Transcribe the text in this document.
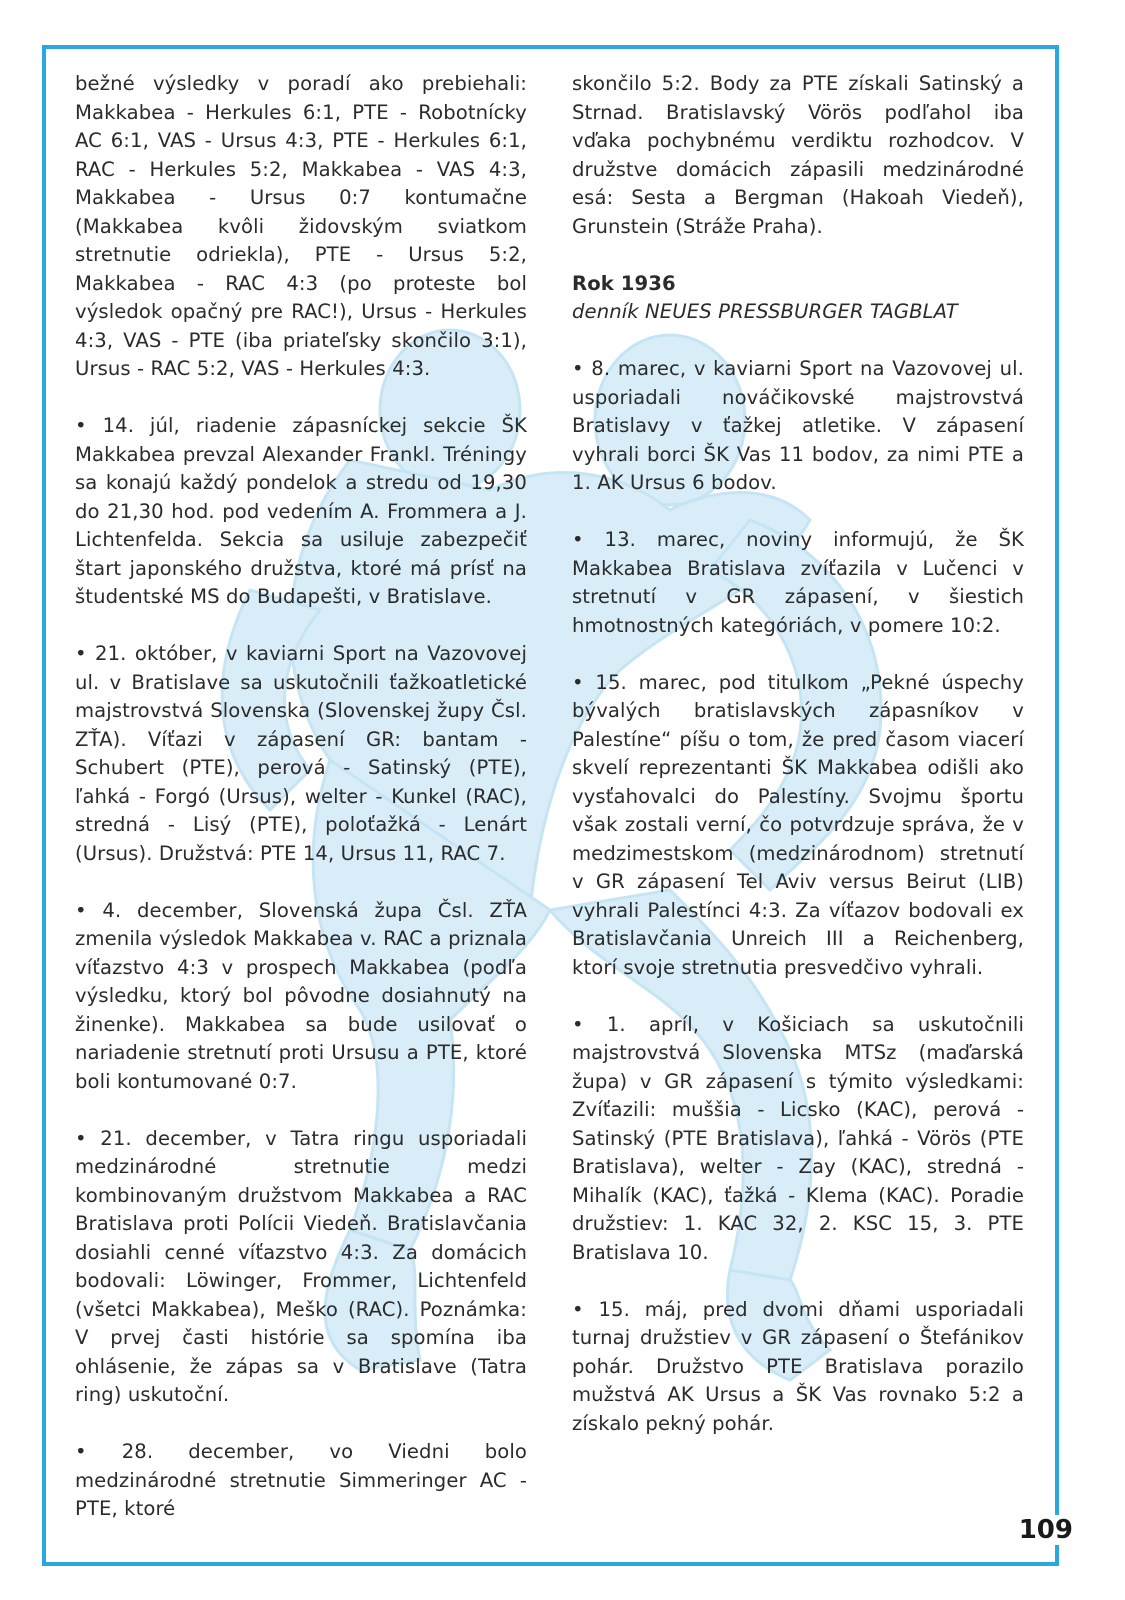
bežné výsledky v poradí ako prebiehali: Makkabea - Herkules 6:1, PTE - Robotnícky AC 6:1, VAS - Ursus 4:3, PTE - Herkules 6:1, RAC - Herkules 5:2, Makkabea - VAS 4:3, Makkabea - Ursus 0:7 kontumačne (Makkabea kvôli židovským sviatkom stretnutie odriekla), PTE - Ursus 5:2, Makkabea - RAC 4:3 (po proteste bol výsledok opačný pre RAC!), Ursus - Herkules 4:3, VAS - PTE (iba priateľsky skončilo 3:1), Ursus - RAC 5:2, VAS - Herkules 4:3.

• 14. júl, riadenie zápasníckej sekcie ŠK Makkabea prevzal Alexander Frankl. Tréningy sa konajú každý pondelok a stredu od 19,30 do 21,30 hod. pod vedením A. Frommera a J. Lichtenfelda. Sekcia sa usiluje zabezpečiť štart japonského družstva, ktoré má prísť na študentské MS do Budapešti, v Bratislave.

• 21. október, v kaviarni Sport na Vazovovej ul. v Bratislave sa uskutočnili ťažkoatletické majstrovstvá Slovenska (Slovenskej župy Čsl. ZŤA). Víťazi v zápasení GR: bantam - Schubert (PTE), perová - Satinský (PTE), ľahká - Forgó (Ursus), welter - Kunkel (RAC), stredná - Lisý (PTE), poloťažká - Lenárt (Ursus). Družstvá: PTE 14, Ursus 11, RAC 7.

• 4. december, Slovenská župa Čsl. ZŤA zmenila výsledok Makkabea v. RAC a priznala víťazstvo 4:3 v prospech Makkabea (podľa výsledku, ktorý bol pôvodne dosiahnutý na žinenke). Makkabea sa bude usilovať o nariadenie stretnutí proti Ursusu a PTE, ktoré boli kontumované 0:7.

• 21. december, v Tatra ringu usporiadali medzinárodné stretnutie medzi kombinovaným družstvom Makkabea a RAC Bratislava proti Polícii Viedeň. Bratislavčania dosiahli cenné víťazstvo 4:3. Za domácich bodovali: Löwinger, Frommer, Lichtenfeld (všetci Makkabea), Meško (RAC). Poznámka: V prvej časti histórie sa spomína iba ohlásenie, že zápas sa v Bratislave (Tatra ring) uskutoční.

• 28. december, vo Viedni bolo medzinárodné stretnutie Simmeringer AC - PTE, ktoré

skončilo 5:2. Body za PTE získali Satinský a Strnad. Bratislavský Vörös podľahol iba vďaka pochybnému verdiktu rozhodcov. V družstve domácich zápasili medzinárodné esá: Sesta a Bergman (Hakoah Viedeň), Grunstein (Stráže Praha).

Rok 1936

denník NEUES PRESSBURGER TAGBLAT

• 8. marec, v kaviarni Sport na Vazovovej ul. usporiadali nováčikovské majstrovstvá Bratislavy v ťažkej atletike. V zápasení vyhrali borci ŠK Vas 11 bodov, za nimi PTE a 1. AK Ursus 6 bodov.

• 13. marec, noviny informujú, že ŠK Makkabea Bratislava zvíťazila v Lučenci v stretnutí v GR zápasení, v šiestich hmotnostných kategóriách, v pomere 10:2.

• 15. marec, pod titulkom „Pekné úspechy bývalých bratislavských zápasníkov v Palestíne“ píšu o tom, že pred časom viacerí skvelí reprezentanti ŠK Makkabea odišli ako vysťahovalci do Palestíny. Svojmu športu však zostali verní, čo potvrdzuje správa, že v medzimestskom (medzinárodnom) stretnutí v GR zápasení Tel Aviv versus Beirut (LIB) vyhrali Palestínci 4:3. Za víťazov bodovali ex Bratislavčania Unreich III a Reichenberg, ktorí svoje stretnutia presvedčivo vyhrali.

• 1. apríl, v Košiciach sa uskutočnili majstrovstvá Slovenska MTSz (maďarská župa) v GR zápasení s týmito výsledkami: Zvíťazili: muššia - Licsko (KAC), perová - Satinský (PTE Bratislava), ľahká - Vörös (PTE Bratislava), welter - Zay (KAC), stredná - Mihalík (KAC), ťažká - Klema (KAC). Poradie družstiev: 1. KAC 32, 2. KSC 15, 3. PTE Bratislava 10.

• 15. máj, pred dvomi dňami usporiadali turnaj družstiev v GR zápasení o Štefánikov pohár. Družstvo PTE Bratislava porazilo mužstvá AK Ursus a ŠK Vas rovnako 5:2 a získalo pekný pohár.

109
